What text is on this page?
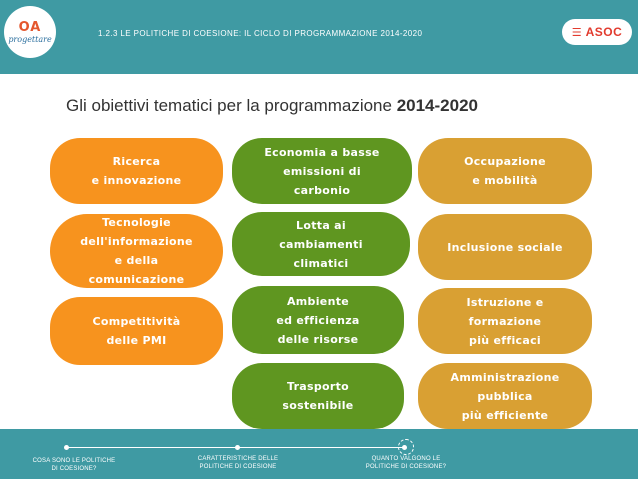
OA
progettare
1.2.3 LE POLITICHE DI COESIONE: IL CICLO DI PROGRAMMAZIONE 2014-2020	☰ ASOC
Gli obiettivi tematici per la programmazione 2014-2020
Ricerca
e innovazione
Tecnologie
dell'informazione
e della
comunicazione
Competitività
delle PMI
Economia a basse
emissioni di
carbonio
Lotta ai
cambiamenti
climatici
Ambiente
ed efficienza
delle risorse
Trasporto
sostenibile
Occupazione
e mobilità
Inclusione sociale
Istruzione e
formazione
più efficaci
Amministrazione
pubblica
più efficiente
COSA SONO LE POLITICHE
DI COESIONE?
CARATTERISTICHE DELLE
POLITICHE DI COESIONE
QUANTO VALGONO LE
POLITICHE DI COESIONE?
